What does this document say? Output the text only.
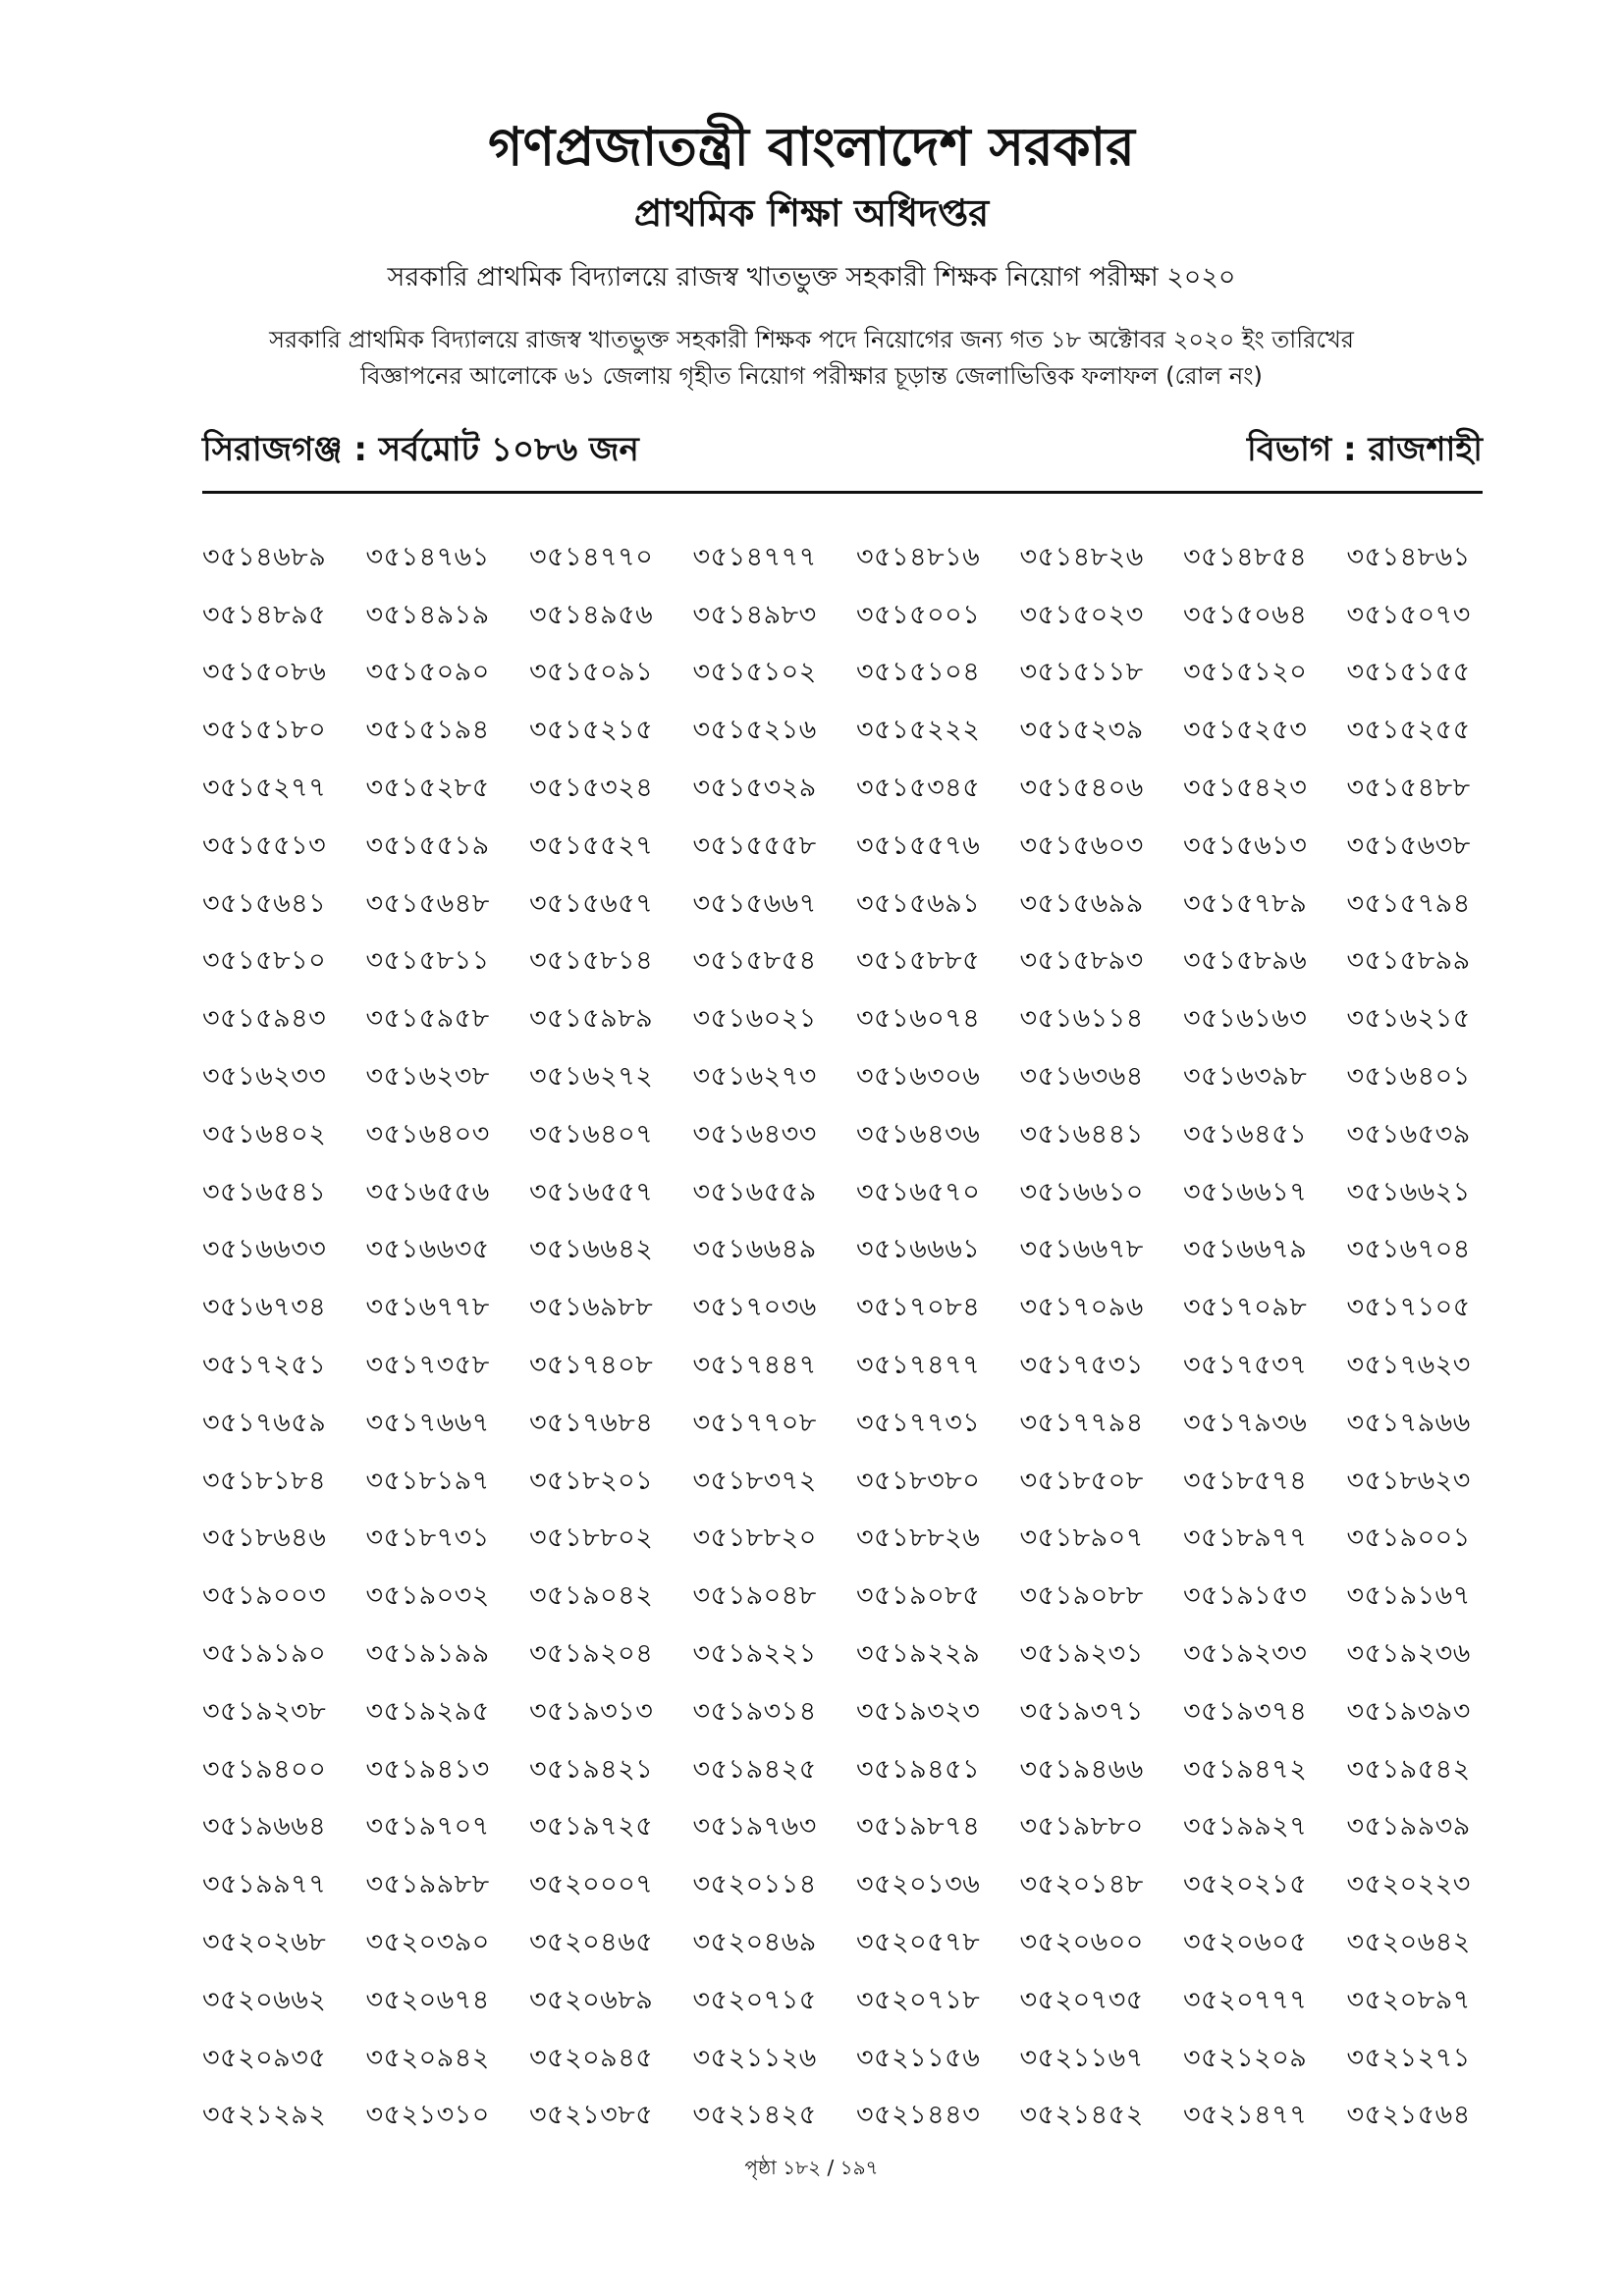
গণপ্রজাতন্ত্রী বাংলাদেশ সরকার
প্রাথমিক শিক্ষা অধিদপ্তর
সরকারি প্রাথমিক বিদ্যালয়ে রাজস্ব খাতভুক্ত সহকারী শিক্ষক নিয়োগ পরীক্ষা ২০২০
সরকারি প্রাথমিক বিদ্যালয়ে রাজস্ব খাতভুক্ত সহকারী শিক্ষক পদে নিয়োগের জন্য গত ১৮ অক্টোবর ২০২০ ইং তারিখের
বিজ্ঞাপনের আলোকে ৬১ জেলায় গৃহীত নিয়োগ পরীক্ষার চূড়ান্ত জেলাভিত্তিক ফলাফল (রোল নং)
সিরাজগঞ্জ : সর্বমোট ১০৮৬ জন	বিভাগ : রাজশাহী
৩৫১৪৬৮৯	৩৫১৪৭৬১	৩৫১৪৭৭০	৩৫১৪৭৭৭	৩৫১৪৮১৬	৩৫১৪৮২৬	৩৫১৪৮৫৪	৩৫১৪৮৬১
৩৫১৪৮৯৫	৩৫১৪৯১৯	৩৫১৪৯৫৬	৩৫১৪৯৮৩	৩৫১৫০০১	৩৫১৫০২৩	৩৫১৫০৬৪	৩৫১৫০৭৩
৩৫১৫০৮৬	৩৫১৫০৯০	৩৫১৫০৯১	৩৫১৫১০২	৩৫১৫১০৪	৩৫১৫১১৮	৩৫১৫১২০	৩৫১৫১৫৫
৩৫১৫১৮০	৩৫১৫১৯৪	৩৫১৫২১৫	৩৫১৫২১৬	৩৫১৫২২২	৩৫১৫২৩৯	৩৫১৫২৫৩	৩৫১৫২৫৫
৩৫১৫২৭৭	৩৫১৫২৮৫	৩৫১৫৩২৪	৩৫১৫৩২৯	৩৫১৫৩৪৫	৩৫১৫৪০৬	৩৫১৫৪২৩	৩৫১৫৪৮৮
৩৫১৫৫১৩	৩৫১৫৫১৯	৩৫১৫৫২৭	৩৫১৫৫৫৮	৩৫১৫৫৭৬	৩৫১৫৬০৩	৩৫১৫৬১৩	৩৫১৫৬৩৮
৩৫১৫৬৪১	৩৫১৫৬৪৮	৩৫১৫৬৫৭	৩৫১৫৬৬৭	৩৫১৫৬৯১	৩৫১৫৬৯৯	৩৫১৫৭৮৯	৩৫১৫৭৯৪
৩৫১৫৮১০	৩৫১৫৮১১	৩৫১৫৮১৪	৩৫১৫৮৫৪	৩৫১৫৮৮৫	৩৫১৫৮৯৩	৩৫১৫৮৯৬	৩৫১৫৮৯৯
৩৫১৫৯৪৩	৩৫১৫৯৫৮	৩৫১৫৯৮৯	৩৫১৬০২১	৩৫১৬০৭৪	৩৫১৬১১৪	৩৫১৬১৬৩	৩৫১৬২১৫
৩৫১৬২৩৩	৩৫১৬২৩৮	৩৫১৬২৭২	৩৫১৬২৭৩	৩৫১৬৩০৬	৩৫১৬৩৬৪	৩৫১৬৩৯৮	৩৫১৬৪০১
৩৫১৬৪০২	৩৫১৬৪০৩	৩৫১৬৪০৭	৩৫১৬৪৩৩	৩৫১৬৪৩৬	৩৫১৬৪৪১	৩৫১৬৪৫১	৩৫১৬৫৩৯
৩৫১৬৫৪১	৩৫১৬৫৫৬	৩৫১৬৫৫৭	৩৫১৬৫৫৯	৩৫১৬৫৭০	৩৫১৬৬১০	৩৫১৬৬১৭	৩৫১৬৬২১
৩৫১৬৬৩৩	৩৫১৬৬৩৫	৩৫১৬৬৪২	৩৫১৬৬৪৯	৩৫১৬৬৬১	৩৫১৬৬৭৮	৩৫১৬৬৭৯	৩৫১৬৭০৪
৩৫১৬৭৩৪	৩৫১৬৭৭৮	৩৫১৬৯৮৮	৩৫১৭০৩৬	৩৫১৭০৮৪	৩৫১৭০৯৬	৩৫১৭০৯৮	৩৫১৭১০৫
৩৫১৭২৫১	৩৫১৭৩৫৮	৩৫১৭৪০৮	৩৫১৭৪৪৭	৩৫১৭৪৭৭	৩৫১৭৫৩১	৩৫১৭৫৩৭	৩৫১৭৬২৩
৩৫১৭৬৫৯	৩৫১৭৬৬৭	৩৫১৭৬৮৪	৩৫১৭৭০৮	৩৫১৭৭৩১	৩৫১৭৭৯৪	৩৫১৭৯৩৬	৩৫১৭৯৬৬
৩৫১৮১৮৪	৩৫১৮১৯৭	৩৫১৮২০১	৩৫১৮৩৭২	৩৫১৮৩৮০	৩৫১৮৫০৮	৩৫১৮৫৭৪	৩৫১৮৬২৩
৩৫১৮৬৪৬	৩৫১৮৭৩১	৩৫১৮৮০২	৩৫১৮৮২০	৩৫১৮৮২৬	৩৫১৮৯০৭	৩৫১৮৯৭৭	৩৫১৯০০১
৩৫১৯০০৩	৩৫১৯০৩২	৩৫১৯০৪২	৩৫১৯০৪৮	৩৫১৯০৮৫	৩৫১৯০৮৮	৩৫১৯১৫৩	৩৫১৯১৬৭
৩৫১৯১৯০	৩৫১৯১৯৯	৩৫১৯২০৪	৩৫১৯২২১	৩৫১৯২২৯	৩৫১৯২৩১	৩৫১৯২৩৩	৩৫১৯২৩৬
৩৫১৯২৩৮	৩৫১৯২৯৫	৩৫১৯৩১৩	৩৫১৯৩১৪	৩৫১৯৩২৩	৩৫১৯৩৭১	৩৫১৯৩৭৪	৩৫১৯৩৯৩
৩৫১৯৪০০	৩৫১৯৪১৩	৩৫১৯৪২১	৩৫১৯৪২৫	৩৫১৯৪৫১	৩৫১৯৪৬৬	৩৫১৯৪৭২	৩৫১৯৫৪২
৩৫১৯৬৬৪	৩৫১৯৭০৭	৩৫১৯৭২৫	৩৫১৯৭৬৩	৩৫১৯৮৭৪	৩৫১৯৮৮০	৩৫১৯৯২৭	৩৫১৯৯৩৯
৩৫১৯৯৭৭	৩৫১৯৯৮৮	৩৫২০০০৭	৩৫২০১১৪	৩৫২০১৩৬	৩৫২০১৪৮	৩৫২০২১৫	৩৫২০২২৩
৩৫২০২৬৮	৩৫২০৩৯০	৩৫২০৪৬৫	৩৫২০৪৬৯	৩৫২০৫৭৮	৩৫২০৬০০	৩৫২০৬০৫	৩৫২০৬৪২
৩৫২০৬৬২	৩৫২০৬৭৪	৩৫২০৬৮৯	৩৫২০৭১৫	৩৫২০৭১৮	৩৫২০৭৩৫	৩৫২০৭৭৭	৩৫২০৮৯৭
৩৫২০৯৩৫	৩৫২০৯৪২	৩৫২০৯৪৫	৩৫২১১২৬	৩৫২১১৫৬	৩৫২১১৬৭	৩৫২১২০৯	৩৫২১২৭১
৩৫২১২৯২	৩৫২১৩১০	৩৫২১৩৮৫	৩৫২১৪২৫	৩৫২১৪৪৩	৩৫২১৪৫২	৩৫২১৪৭৭	৩৫২১৫৬৪
পৃষ্ঠা ১৮২ / ১৯৭
